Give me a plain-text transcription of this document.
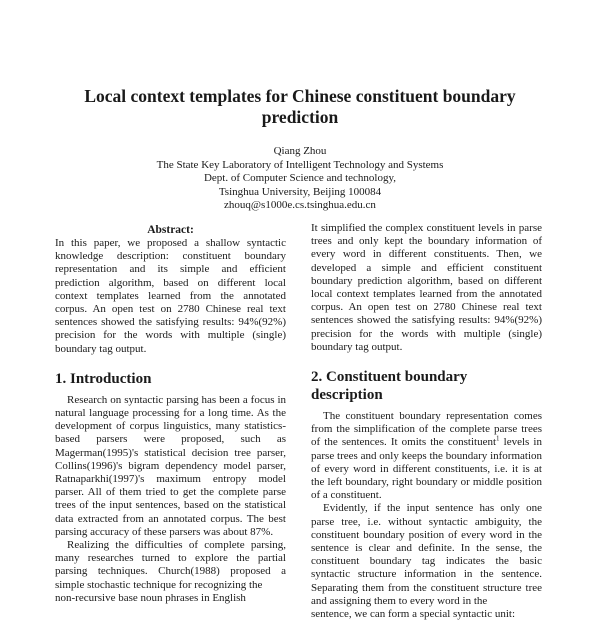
Local context templates for Chinese constituent boundary prediction
Qiang Zhou
The State Key Laboratory of Intelligent Technology and Systems
Dept. of Computer Science and technology,
Tsinghua University, Beijing 100084
zhouq@s1000e.cs.tsinghua.edu.cn
Abstract:

In this paper, we proposed a shallow syntactic knowledge description: constituent boundary representation and its simple and efficient prediction algorithm, based on different local context templates learned from the annotated corpus. An open test on 2780 Chinese real text sentences showed the satisfying results: 94%(92%) precision for the words with multiple (single) boundary tag output.

1. Introduction

Research on syntactic parsing has been a focus in natural language processing for a long time. As the development of corpus linguistics, many statistics-based parsers were proposed, such as Magerman(1995)'s statistical decision tree parser, Collins(1996)'s bigram dependency model parser, Ratnaparkhi(1997)'s maximum entropy model parser. All of them tried to get the complete parse trees of the input sentences, based on the statistical data extracted from an annotated corpus. The best parsing accuracy of these parsers was about 87%.

Realizing the difficulties of complete parsing, many researches turned to explore the partial parsing techniques. Church(1988) proposed a simple stochastic technique for recognizing the

non-recursive base noun phrases in English

It simplified the complex constituent levels in parse trees and only kept the boundary information of every word in different constituents. Then, we developed a simple and efficient constituent boundary prediction algorithm, based on different local context templates learned from the annotated corpus. An open test on 2780 Chinese real text sentences showed the satisfying results: 94%(92%) precision for the words with multiple (single) boundary tag output.

2. Constituent boundary description

The constituent boundary representation comes from the simplification of the complete parse trees of the sentences. It omits the constituent$^1$ levels in parse trees and only keeps the boundary information of every word in different constituents, i.e. it is at the left boundary, right boundary or middle position of a constituent.

Evidently, if the input sentence has only one parse tree, i.e. without syntactic ambiguity, the constituent boundary position of every word in the sentence is clear and definite. In the sense, the constituent boundary tag indicates the basic syntactic structure information in the sentence. Separating them from the constituent structure tree and assigning them to every word in the

sentence, we can form a special syntactic unit:
